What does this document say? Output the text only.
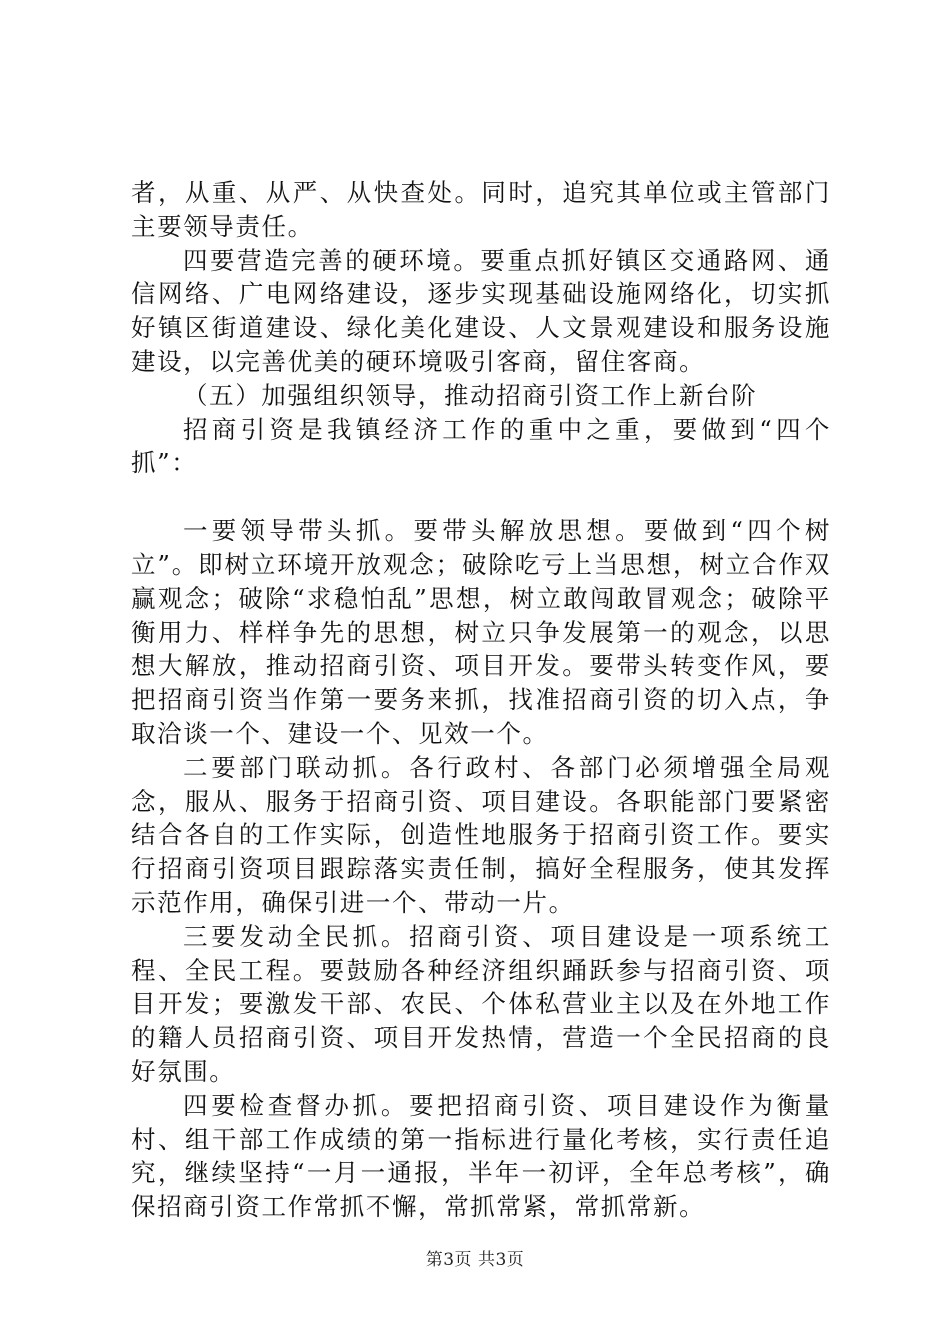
者，从重、从严、从快查处。同时，追究其单位或主管部门主要领导责任。

四要营造完善的硬环境。要重点抓好镇区交通路网、通信网络、广电网络建设，逐步实现基础设施网络化，切实抓好镇区街道建设、绿化美化建设、人文景观建设和服务设施建设，以完善优美的硬环境吸引客商，留住客商。

（五）加强组织领导，推动招商引资工作上新台阶

招商引资是我镇经济工作的重中之重，要做到“四个抓”：

一要领导带头抓。要带头解放思想。要做到“四个树立”。即树立环境开放观念；破除吃亏上当思想，树立合作双赢观念；破除“求稳怕乱”思想，树立敢闯敢冒观念；破除平衡用力、样样争先的思想，树立只争发展第一的观念，以思想大解放，推动招商引资、项目开发。要带头转变作风，要把招商引资当作第一要务来抓，找准招商引资的切入点，争取洽谈一个、建设一个、见效一个。

二要部门联动抓。各行政村、各部门必须增强全局观念，服从、服务于招商引资、项目建设。各职能部门要紧密结合各自的工作实际，创造性地服务于招商引资工作。要实行招商引资项目跟踪落实责任制，搞好全程服务，使其发挥示范作用，确保引进一个、带动一片。

三要发动全民抓。招商引资、项目建设是一项系统工程、全民工程。要鼓励各种经济组织踊跃参与招商引资、项目开发；要激发干部、农民、个体私营业主以及在外地工作的籍人员招商引资、项目开发热情，营造一个全民招商的良好氛围。

四要检查督办抓。要把招商引资、项目建设作为衡量村、组干部工作成绩的第一指标进行量化考核，实行责任追究，继续坚持“一月一通报，半年一初评，全年总考核”，确保招商引资工作常抓不懈，常抓常紧，常抓常新。

第3页 共3页
